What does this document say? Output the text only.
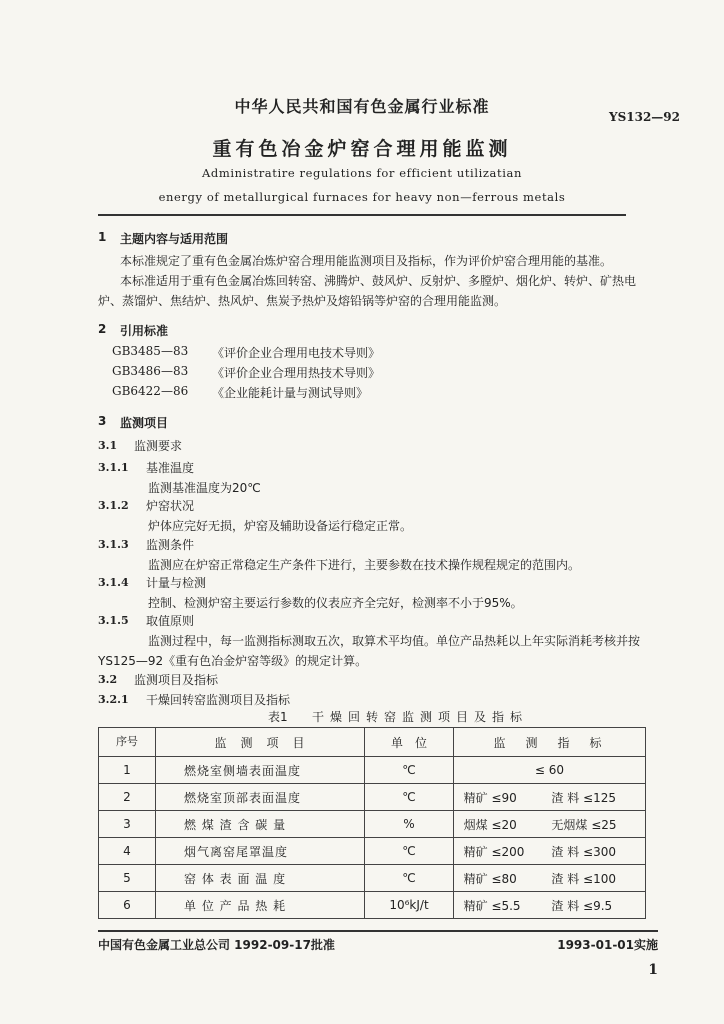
中华人民共和国有色金属行业标准
YS132—92
重有色冶金炉窑合理用能监测
Administratire regulations for efficient utilizatian
energy of metallurgical furnaces for heavy non—ferrous metals
1 主题内容与适用范围
本标准规定了重有色金属冶炼炉窑合理用能监测项目及指标，作为评价炉窑合理用能的基准。
本标准适用于重有色金属冶炼回转窑、沸腾炉、鼓风炉、反射炉、多膛炉、烟化炉、转炉、矿热电
炉、蒸馏炉、焦结炉、热风炉、焦炭予热炉及熔铅锅等炉窑的合理用能监测。
2 引用标准
GB3485—83 《评价企业合理用电技术导则》
GB3486—83 《评价企业合理用热技术导则》
GB6422—86 《企业能耗计量与测试导则》
3 监测项目
3.1 监测要求
3.1.1 基准温度
监测基准温度为20℃
3.1.2 炉窑状况
炉体应完好无损，炉窑及辅助设备运行稳定正常。
3.1.3 监测条件
监测应在炉窑正常稳定生产条件下进行，主要参数在技术操作规程规定的范围内。
3.1.4 计量与检测
控制、检测炉窑主要运行参数的仪表应齐全完好，检测率不小于95%。
3.1.5 取值原则
监测过程中，每一监测指标测取五次，取算术平均值。单位产品热耗以上年实际消耗考核并按
YS125—92《重有色冶金炉窑等级》的规定计算。
3.2 监测项目及指标
3.2.1 干燥回转窑监测项目及指标
表1 干燥回转窑监测项目及指标
序号	监　测　项　目	单　位	监　测　指　标
1	燃烧室侧墙表面温度	℃	≤ 60
2	燃烧室顶部表面温度	℃	精矿 ≤90 渣 料 ≤125
3	燃 煤 渣 含 碳 量	%	烟煤 ≤20 无烟煤 ≤25
4	烟气离窑尾罩温度	℃	精矿 ≤200 渣 料 ≤300
5	窑 体 表 面 温 度	℃	精矿 ≤80 渣 料 ≤100
6	单 位 产 品 热 耗	10⁶kJ/t	精矿 ≤5.5 渣 料 ≤9.5
中国有色金属工业总公司 1992-09-17批准	1993-01-01实施
1
